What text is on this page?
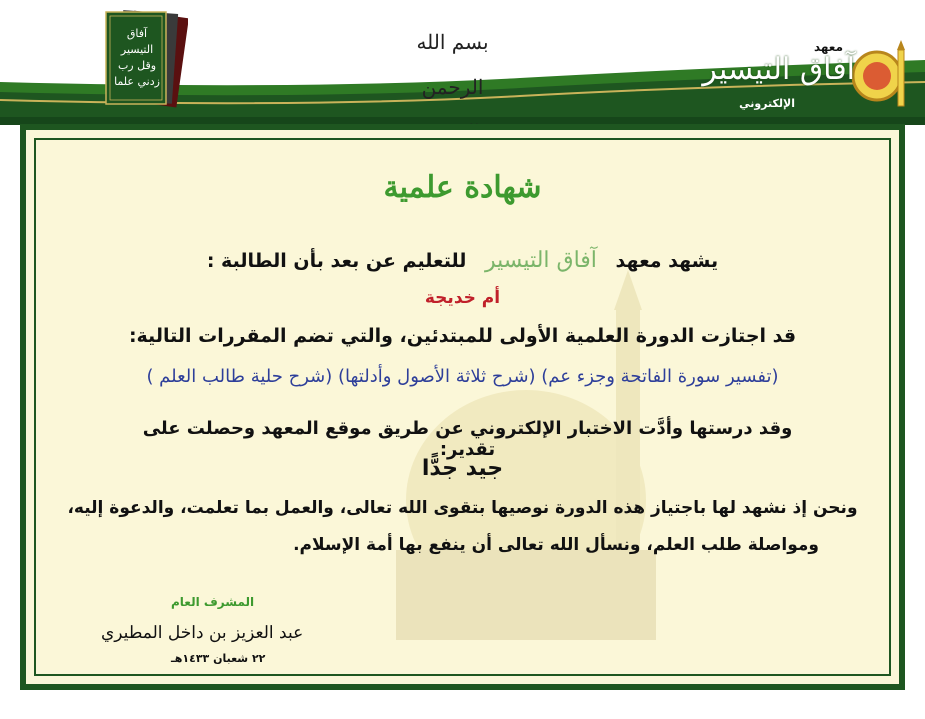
معهد
آفاق التيسير
الإلكتروني
بسم الله الرحمن
آفاق التيسير وقل رب زدني علما
شهادة علمية
يشهد معهد آفاق التيسير للتعليم عن بعد بأن الطالبة :
أم خديجة
قد اجتازت الدورة العلمية الأولى للمبتدئين، والتي تضم المقررات التالية:
(تفسير سورة الفاتحة وجزء عم) (شرح ثلاثة الأصول وأدلتها) (شرح حلية طالب العلم )
وقد درستها وأدَّت الاختبار الإلكتروني عن طريق موقع المعهد وحصلت على تقدير:
جيد جدًّا
ونحن إذ نشهد لها باجتياز هذه الدورة نوصيها بتقوى الله تعالى، والعمل بما تعلمت، والدعوة إليه،
ومواصلة طلب العلم، ونسأل الله تعالى أن ينفع بها أمة الإسلام.
المشرف العام
عبد العزيز بن داخل المطيري
٢٢ شعبان ١٤٣٣هـ
